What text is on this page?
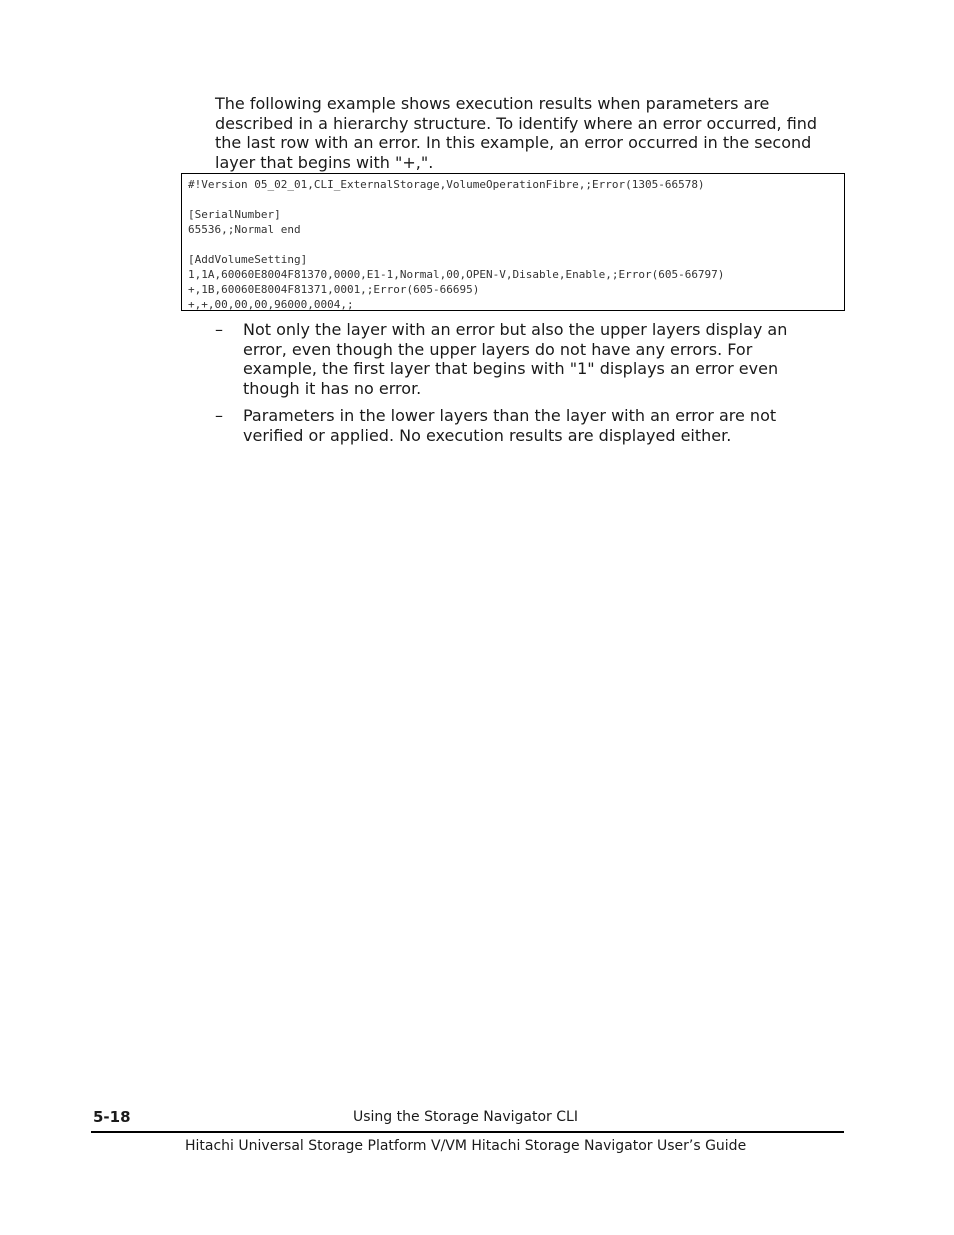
The following example shows execution results when parameters are described in a hierarchy structure. To identify where an error occurred, find the last row with an error. In this example, an error occurred in the second layer that begins with "+,".

#!Version 05_02_01,CLI_ExternalStorage,VolumeOperationFibre,;Error(1305-66578)
[SerialNumber]
65536,;Normal end
[AddVolumeSetting]
1,1A,60060E8004F81370,0000,E1-1,Normal,00,OPEN-V,Disable,Enable,;Error(605-66797)
+,1B,60060E8004F81371,0001,;Error(605-66695)
+,+,00,00,00,96000,0004,;
–	Not only the layer with an error but also the upper layers display an error, even though the upper layers do not have any errors. For example, the first layer that begins with "1" displays an error even though it has no error.
–	Parameters in the lower layers than the layer with an error are not verified or applied. No execution results are displayed either.
5-18	Using the Storage Navigator CLI
Hitachi Universal Storage Platform V/VM Hitachi Storage Navigator User’s Guide
